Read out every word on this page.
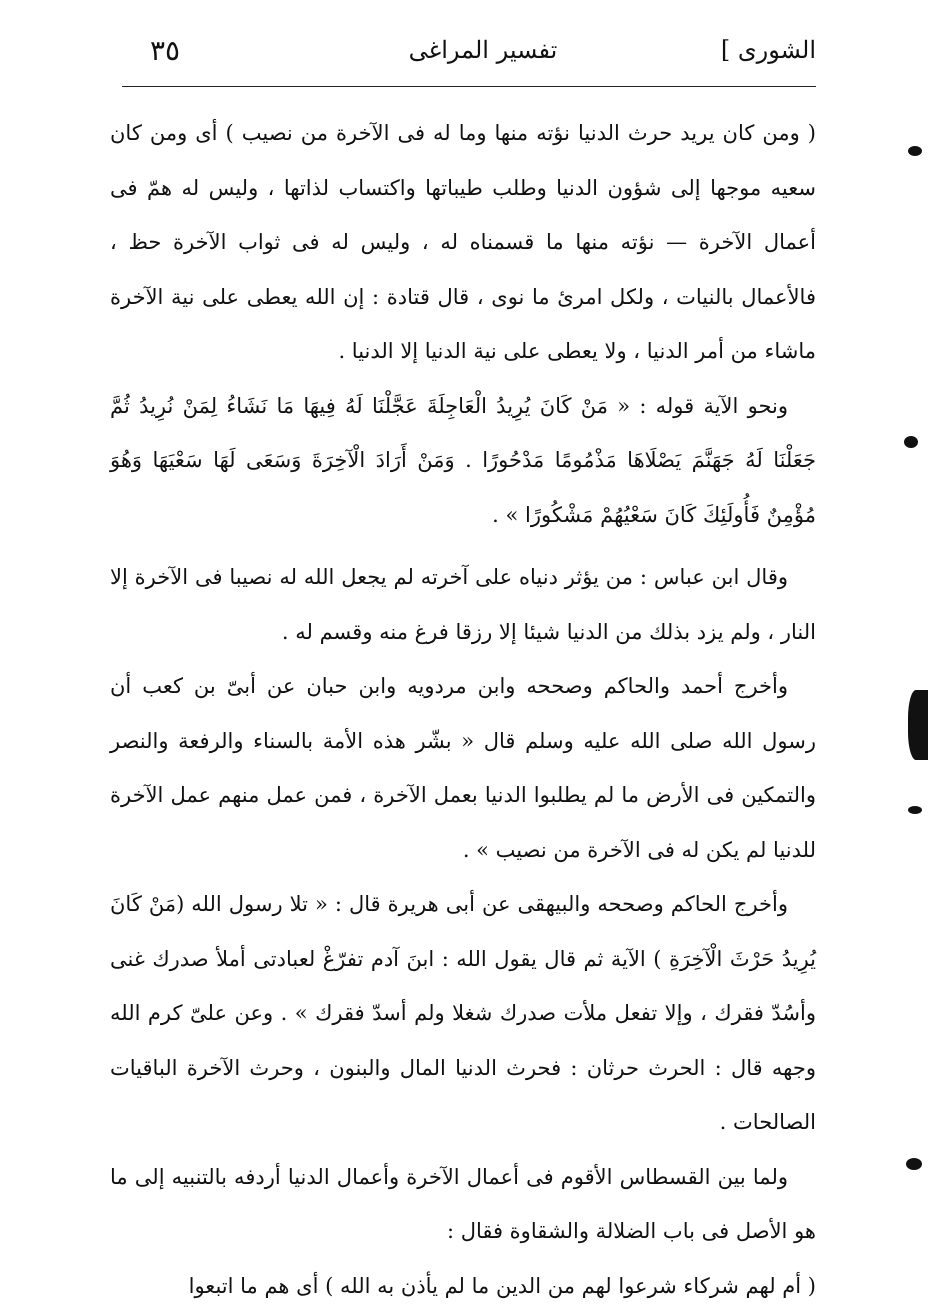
الشورى ]
تفسير المراغى
٣٥

( ومن كان يريد حرث الدنيا نؤته منها وما له فى الآخرة من نصيب ) أى ومن كان سعيه موجها إلى شؤون الدنيا وطلب طيباتها واكتساب لذاتها ، وليس له همّ فى أعمال الآخرة — نؤته منها ما قسمناه له ، وليس له فى ثواب الآخرة حظ ، فالأعمال بالنيات ، ولكل امرئ ما نوى ، قال قتادة : إن الله يعطى على نية الآخرة ماشاء من أمر الدنيا ، ولا يعطى على نية الدنيا إلا الدنيا .

ونحو الآية قوله : « مَنْ كَانَ يُرِيدُ الْعَاجِلَةَ عَجَّلْنَا لَهُ فِيهَا مَا نَشَاءُ لِمَنْ نُرِيدُ ثُمَّ جَعَلْنَا لَهُ جَهَنَّمَ يَصْلَاهَا مَذْمُومًا مَدْحُورًا . وَمَنْ أَرَادَ الْآخِرَةَ وَسَعَى لَهَا سَعْيَهَا وَهُوَ مُؤْمِنٌ فَأُولَئِكَ كَانَ سَعْيُهُمْ مَشْكُورًا » .

وقال ابن عباس : من يؤثر دنياه على آخرته لم يجعل الله له نصيبا فى الآخرة إلا النار ، ولم يزد بذلك من الدنيا شيئا إلا رزقا فرغ منه وقسم له .

وأخرج أحمد والحاكم وصححه وابن مردويه وابن حبان عن أبىّ بن كعب أن رسول الله صلى الله عليه وسلم قال « بشّر هذه الأمة بالسناء والرفعة والنصر والتمكين فى الأرض ما لم يطلبوا الدنيا بعمل الآخرة ، فمن عمل منهم عمل الآخرة للدنيا لم يكن له فى الآخرة من نصيب » .

وأخرج الحاكم وصححه والبيهقى عن أبى هريرة قال : « تلا رسول الله (مَنْ كَانَ يُرِيدُ حَرْثَ الْآخِرَةِ ) الآية ثم قال يقول الله : ابنَ آدم تفرّغْ لعبادتى أملأ صدرك غنى وأسُدّ فقرك ، وإلا تفعل ملأت صدرك شغلا ولم أسدّ فقرك » . وعن علىّ كرم الله وجهه قال : الحرث حرثان : فحرث الدنيا المال والبنون ، وحرث الآخرة الباقيات الصالحات .

ولما بين القسطاس الأقوم فى أعمال الآخرة وأعمال الدنيا أردفه بالتنبيه إلى ما هو الأصل فى باب الضلالة والشقاوة فقال :

( أم لهم شركاء شرعوا لهم من الدين ما لم يأذن به الله ) أى هم ما اتبعوا
